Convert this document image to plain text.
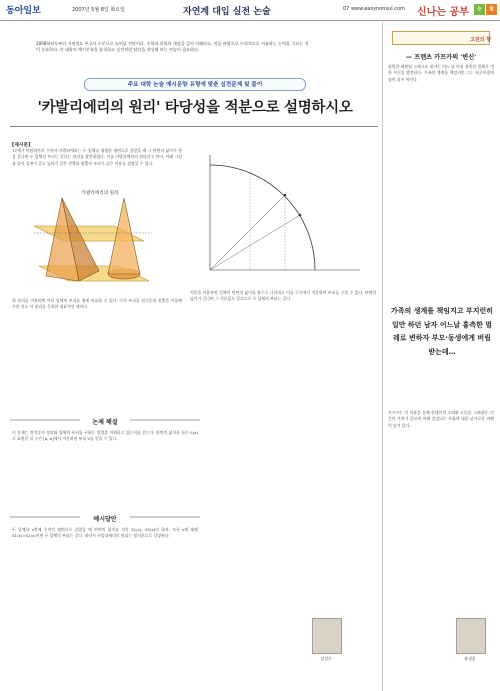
동아일보	2007년 5월 8일 화요일	자연계 대입 실전 논술	07 www.easynonsul.com 신나는 공부	논	술
2008학년도부터 자연계도 본고사 수준으로 늘어날 전망이다. 수학과 과학의 개념을 깊이 이해하고, 이를 바탕으로 논리적으로 서술하는 능력을 기르는 것이 중요하다. 각 대학의 예시문항을 분석하고 실전처럼 답안을 작성해 보는 연습이 필요하다.
주요 대학 논술 예시문항 유형에 맞춘 실전문제 및 풀이
'카발리에리의 원리' 타당성을 적분으로 설명하시오
[제시문]
17세기 이탈리아의 수학자 카발리에리는 두 입체를 평행한 평면으로 잘랐을 때 그 단면의 넓이가 항상 같다면 두 입체의 부피는 같다는 원리를 발견하였다. 이를 카발리에리의 원리라고 한다. 아래 그림과 같이 밑면이 같고 높이가 같은 각뿔과 원뿔의 부피가 같은 이유를 설명할 수 있다.
카발리에리의 원리
위 원리를 이용하면 여러 입체의 부피를 쉽게 비교할 수 있다. 구의 부피를 원기둥과 원뿔을 이용해 구한 것도 이 원리를 응용한 대표적인 예이다.
적분을 이용하면 입체의 단면의 넓이를 함수로 나타내고 이를 구간에서 적분하여 부피를 구할 수 있다. 단면의 넓이가 같다면 그 적분값도 같으므로 두 입체의 부피는 같다.
논제 해설
이 문제는 정적분의 정의와 입체의 부피를 구하는 방법을 이해하고 있는지를 묻는다. 단면의 넓이를 함수 S(x)로 표현한 뒤 구간 [a, b]에서 적분하면 부피 V를 얻을 수 있다.
예시답안
두 입체를 x축에 수직인 평면으로 잘랐을 때 단면의 넓이를 각각 S1(x), S2(x)라 하자. 모든 x에 대해 S1(x)=S2(x)이면 두 입체의 부피는 같다. 따라서 카발리에리의 원리는 정적분으로 설명된다.
김성수
고전의 향
— 프랜츠 카프카의 '변신'
평범한 외판원 그레고르 잠자는 어느 날 아침 흉측한 벌레로 변한 자신을 발견한다. 가족의 생계를 책임지던 그는 하루아침에 짐이 되어 버린다.
가족의 생계를 책임지고 부지런히 일만 하던 남자 어느날 흉측한 벌레로 변하자 부모·동생에게 버림받는데…
카프카는 이 작품을 통해 현대인의 소외와 고독을 그려냈다. 인간의 가치가 쓸모에 의해 결정되는 사회에 대한 날카로운 비판이 담겨 있다.
윤성훈
